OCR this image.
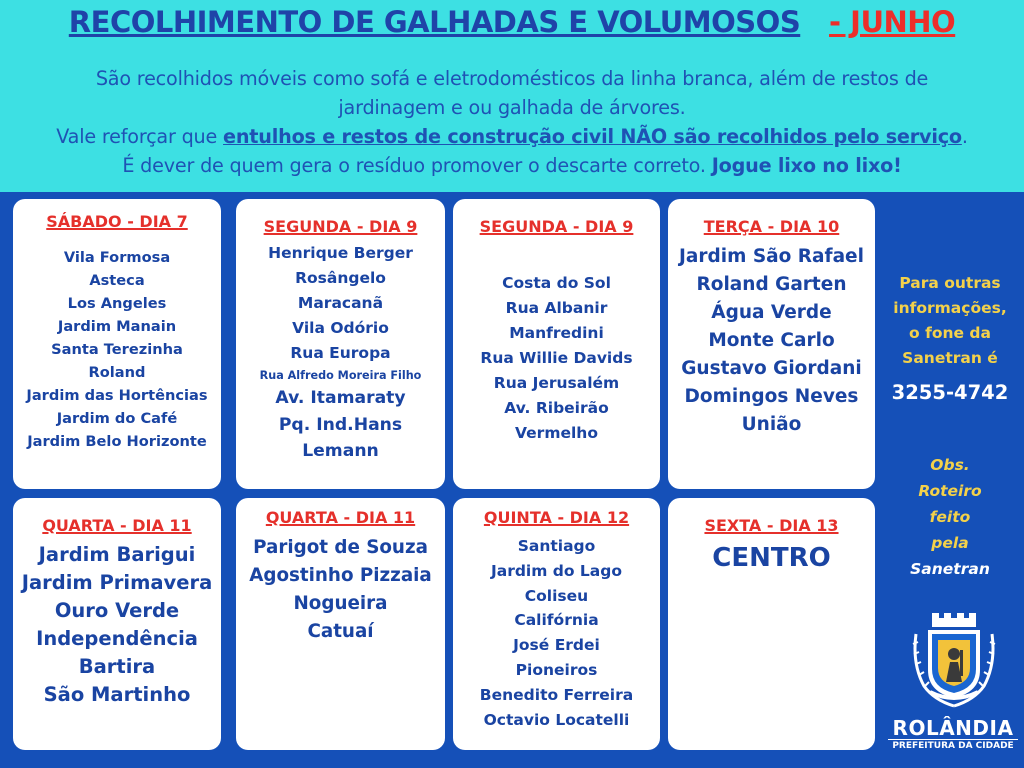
RECOLHIMENTO DE GALHADAS E VOLUMOSOS - JUNHO
São recolhidos móveis como sofá e eletrodomésticos da linha branca, além de restos de
jardinagem e ou galhada de árvores.
Vale reforçar que entulhos e restos de construção civil NÃO são recolhidos pelo serviço.
É dever de quem gera o resíduo promover o descarte correto. Jogue lixo no lixo!
SÁBADO - DIA 7
Vila Formosa
Asteca
Los Angeles
Jardim Manain
Santa Terezinha
Roland
Jardim das Hortências
Jardim do Café
Jardim Belo Horizonte
SEGUNDA - DIA 9
Henrique Berger
Rosângelo
Maracanã
Vila Odório
Rua Europa
Rua Alfredo Moreira Filho
Av. Itamaraty
Pq. Ind.Hans
Lemann
SEGUNDA - DIA 9
Costa do Sol
Rua Albanir
Manfredini
Rua Willie Davids
Rua Jerusalém
Av. Ribeirão
Vermelho
TERÇA - DIA 10
Jardim São Rafael
Roland Garten
Água Verde
Monte Carlo
Gustavo Giordani
Domingos Neves
União
QUARTA - DIA 11
Jardim Barigui
Jardim Primavera
Ouro Verde
Independência
Bartira
São Martinho
QUARTA - DIA 11
Parigot de Souza
Agostinho Pizzaia
Nogueira
Catuaí
QUINTA - DIA 12
Santiago
Jardim do Lago
Coliseu
Califórnia
José Erdei
Pioneiros
Benedito Ferreira
Octavio Locatelli
SEXTA - DIA 13
CENTRO
Para outras
informações,
o fone da
Sanetran é
3255-4742
Obs.
Roteiro
feito
pela
Sanetran
ROLÂNDIA
PREFEITURA DA CIDADE
